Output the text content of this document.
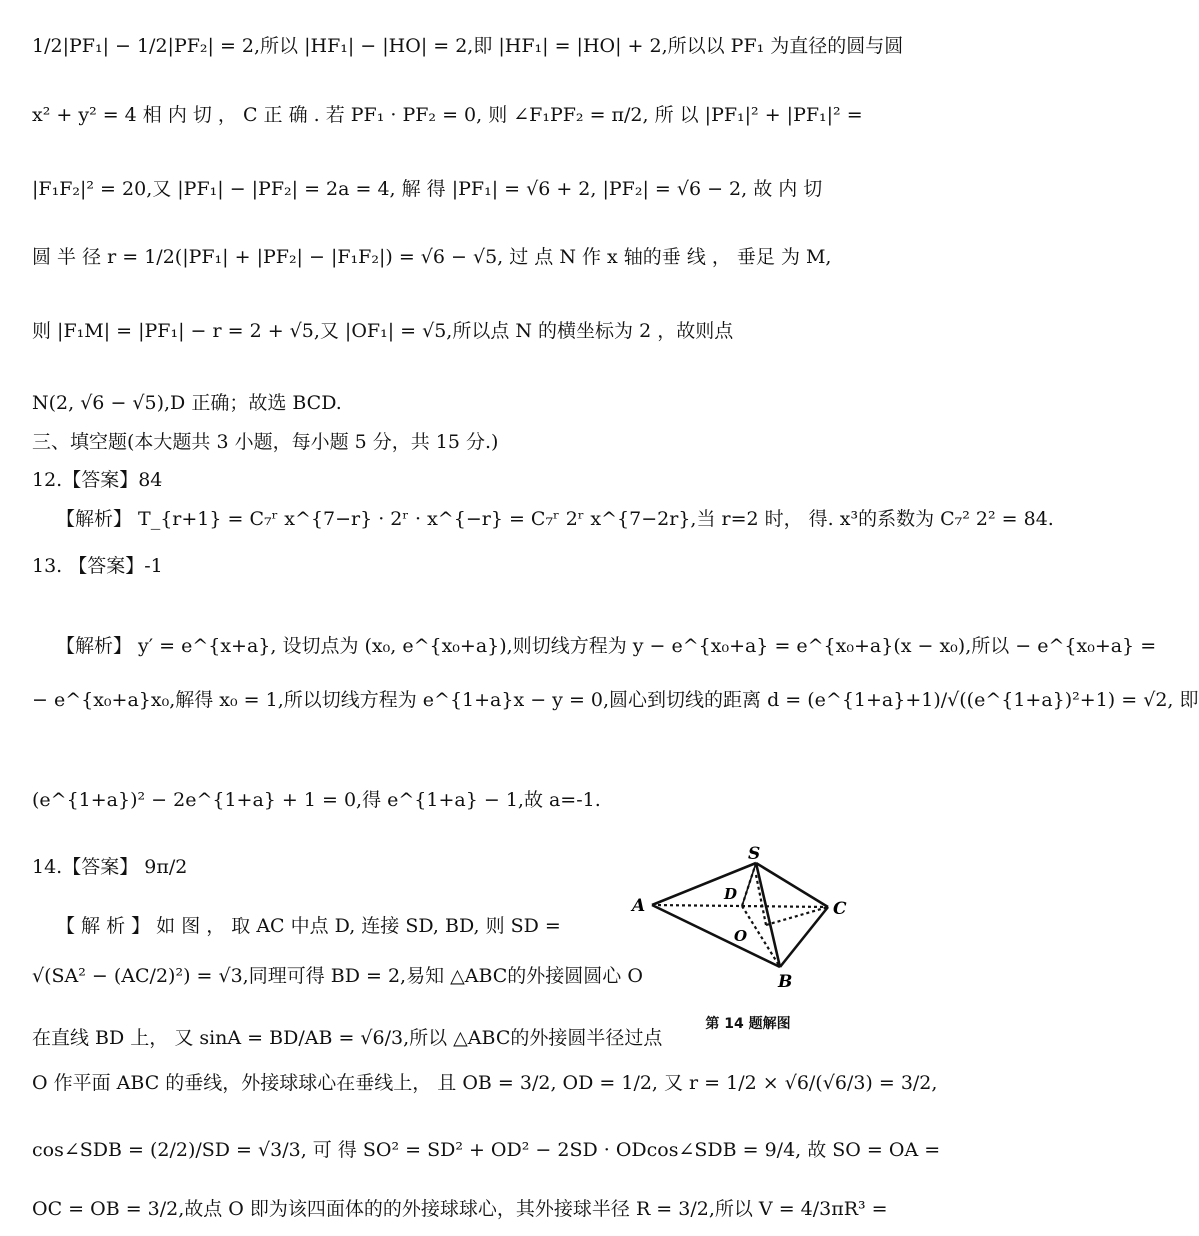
1/2|PF₁| − 1/2|PF₂| = 2,所以 |HF₁| − |HO| = 2,即 |HF₁| = |HO| + 2,所以以 PF₁ 为直径的圆与圆
x² + y² = 4 相 内 切 ， C 正 确 . 若 PF₁ · PF₂ = 0, 则 ∠F₁PF₂ = π/2, 所 以 |PF₁|² + |PF₁|² =
|F₁F₂|² = 20,又 |PF₁| − |PF₂| = 2a = 4, 解 得 |PF₁| = √6 + 2, |PF₂| = √6 − 2, 故 内 切
圆 半 径 r = 1/2(|PF₁| + |PF₂| − |F₁F₂|) = √6 − √5, 过 点 N 作 x 轴的垂 线 ， 垂足 为 M,
则 |F₁M| = |PF₁| − r = 2 + √5,又 |OF₁| = √5,所以点 N 的横坐标为 2 ，故则点
N(2, √6 − √5),D 正确；故选 BCD.
三、填空题(本大题共 3 小题，每小题 5 分，共 15 分.)
12.【答案】84
【解析】 T_{r+1} = C₇ʳ x^{7−r} · 2ʳ · x^{−r} = C₇ʳ 2ʳ x^{7−2r},当 r=2 时， 得. x³的系数为 C₇² 2² = 84.
13. 【答案】-1
【解析】 y′ = e^{x+a}, 设切点为 (x₀, e^{x₀+a}),则切线方程为 y − e^{x₀+a} = e^{x₀+a}(x − x₀),所以 − e^{x₀+a} =
− e^{x₀+a}x₀,解得 x₀ = 1,所以切线方程为 e^{1+a}x − y = 0,圆心到切线的距离 d = (e^{1+a}+1)/√((e^{1+a})²+1) = √2, 即
(e^{1+a})² − 2e^{1+a} + 1 = 0,得 e^{1+a} − 1,故 a=-1.
14.【答案】 9π/2
【 解 析 】 如 图 ， 取 AC 中点 D, 连接 SD, BD, 则 SD =
√(SA² − (AC/2)²) = √3,同理可得 BD = 2,易知 △ABC的外接圆圆心 O
在直线 BD 上， 又 sinA = BD/AB = √6/3,所以 △ABC的外接圆半径过点
O 作平面 ABC 的垂线，外接球球心在垂线上， 且 OB = 3/2, OD = 1/2, 又 r = 1/2 × √6/(√6/3) = 3/2,
cos∠SDB = (2/2)/SD = √3/3, 可 得 SO² = SD² + OD² − 2SD · ODcos∠SDB = 9/4, 故 SO = OA =
OC = OB = 3/2,故点 O 即为该四面体的的外接球球心，其外接球半径 R = 3/2,所以 V = 4/3πR³ =
S
A	C
B
D
O
第 14 题解图
